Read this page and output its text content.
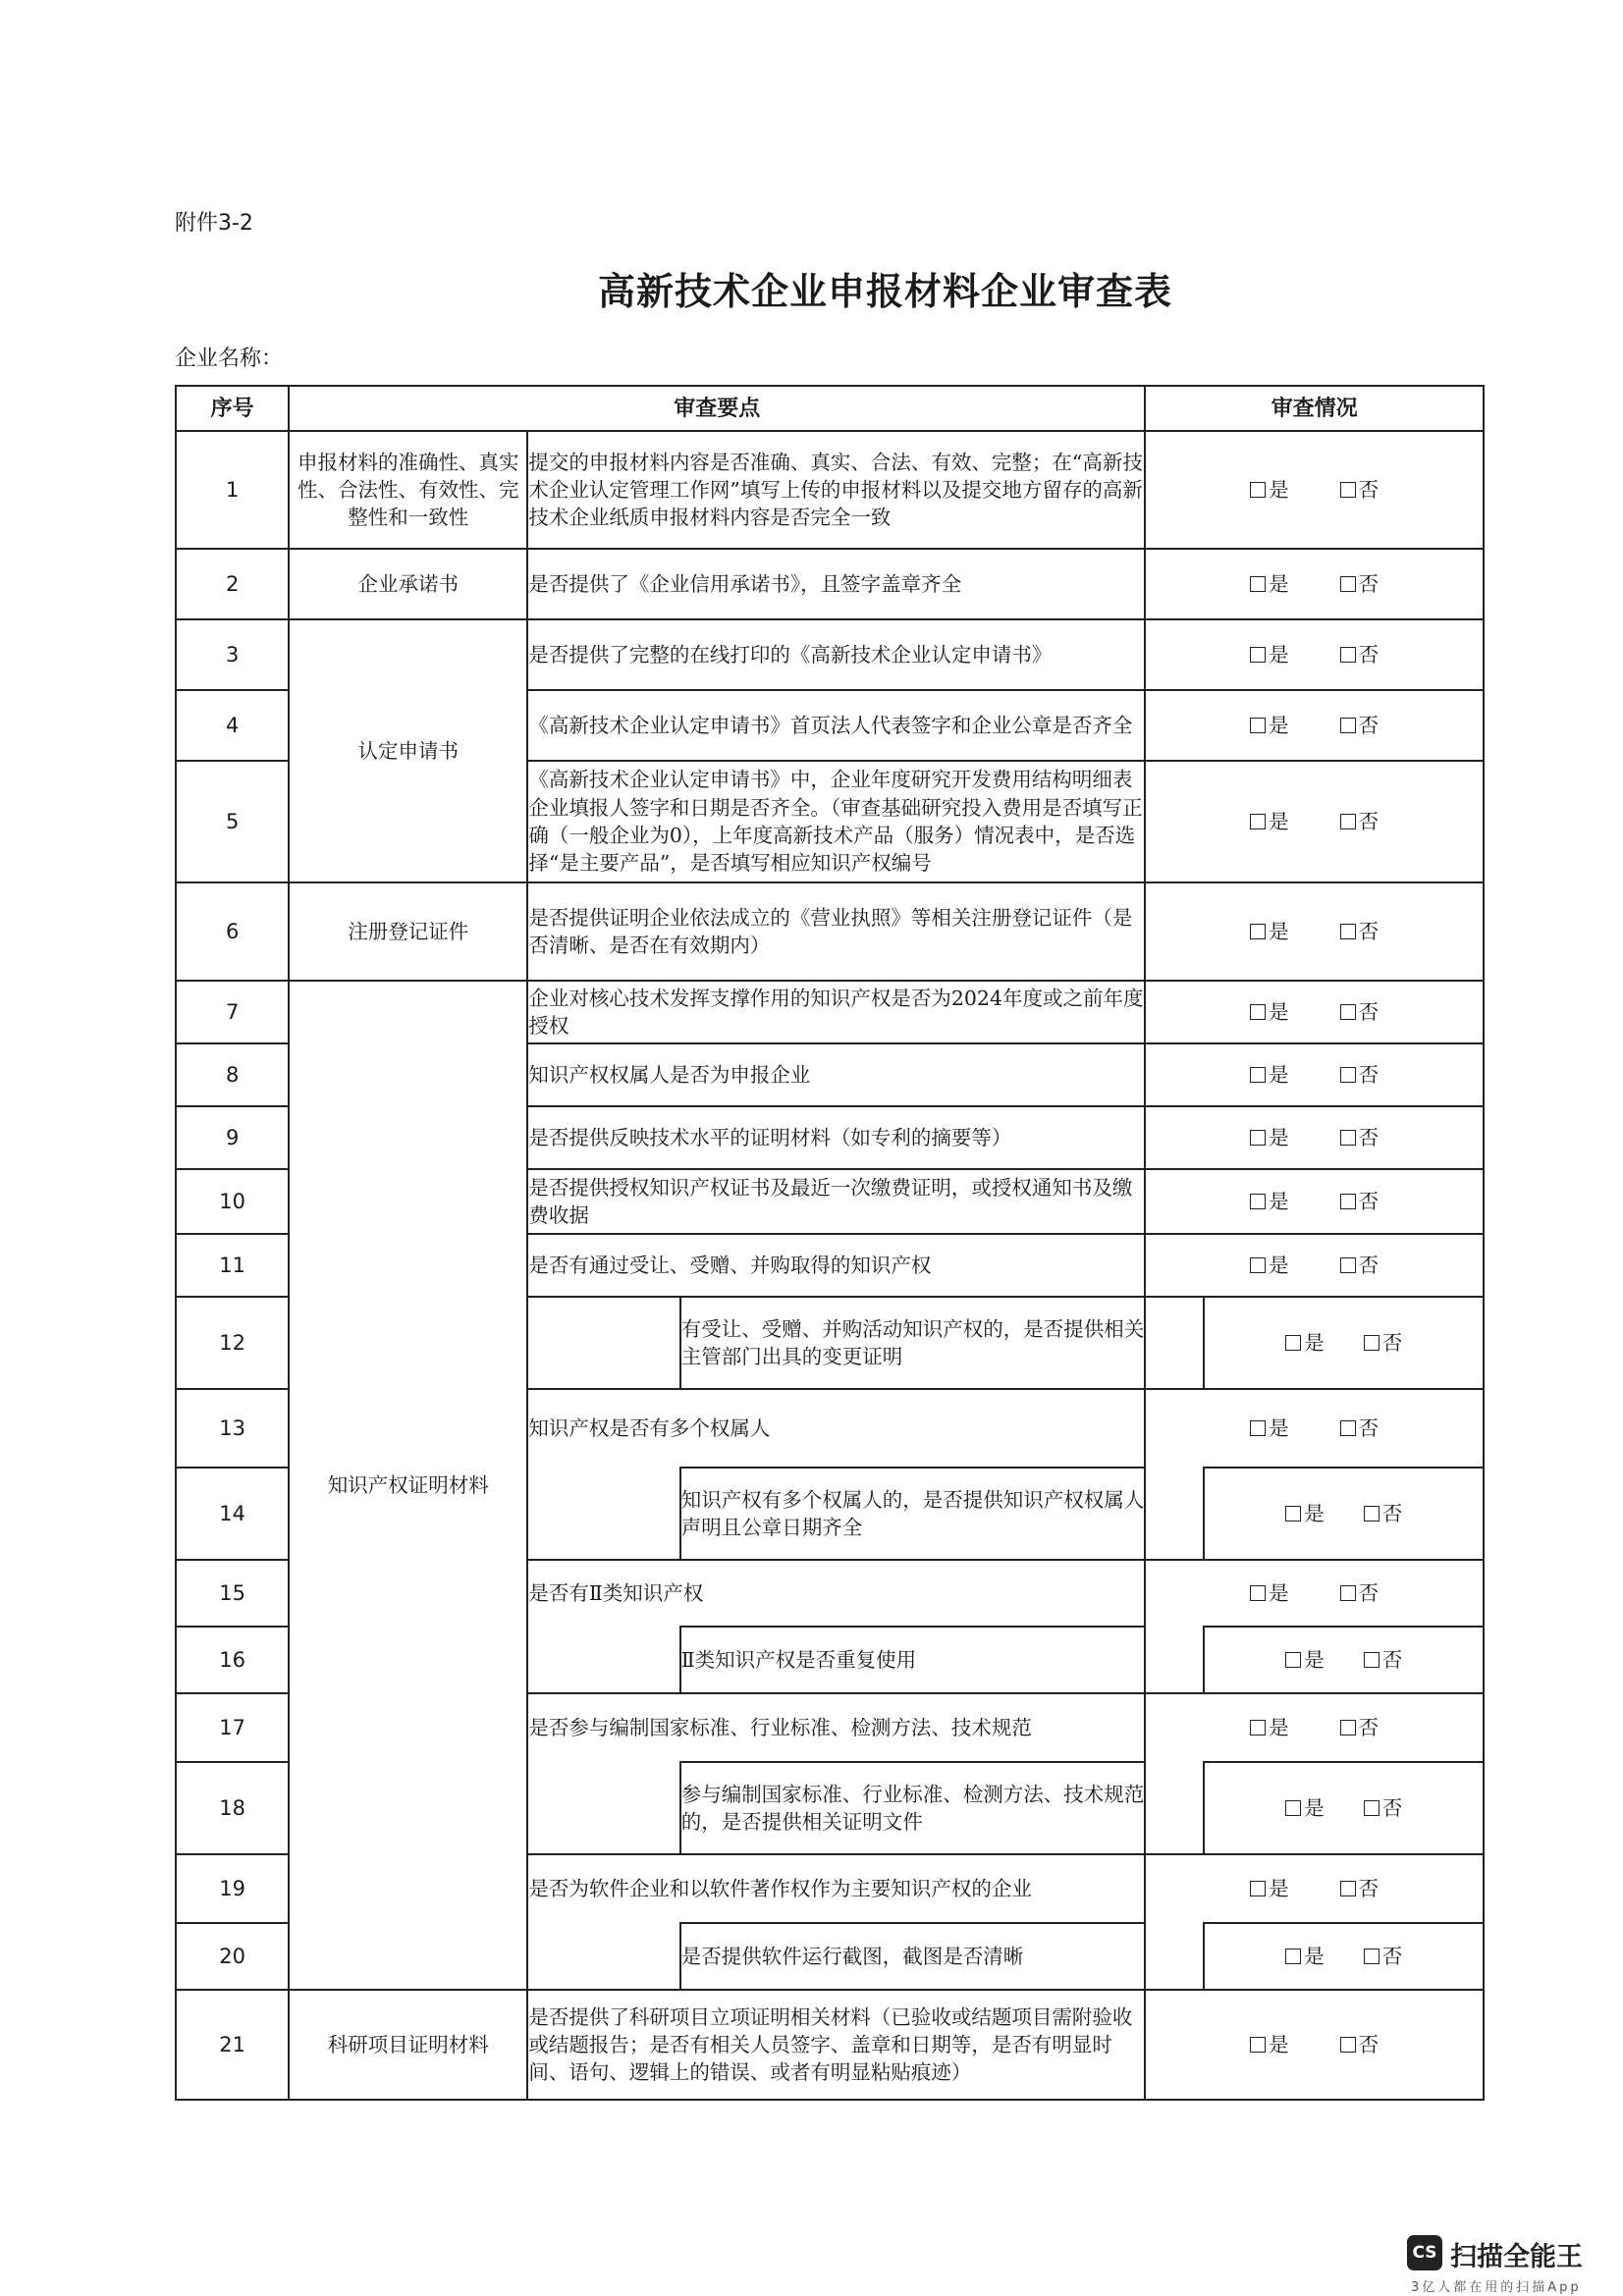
附件3-2
高新技术企业申报材料企业审查表
企业名称：
序号	审查要点			审查情况	
1	申报材料的准确性、真实性、合法性、有效性、完整性和一致性	提交的申报材料内容是否准确、真实、合法、有效、完整；在“高新技术企业认定管理工作网”填写上传的申报材料以及提交地方留存的高新技术企业纸质申报材料内容是否完全一致		是 否	
2	企业承诺书	是否提供了《企业信用承诺书》，且签字盖章齐全		是 否	
3	认定申请书	是否提供了完整的在线打印的《高新技术企业认定申请书》		是 否	
4		《高新技术企业认定申请书》首页法人代表签字和企业公章是否齐全		是 否	
5		《高新技术企业认定申请书》中，企业年度研究开发费用结构明细表企业填报人签字和日期是否齐全。（审查基础研究投入费用是否填写正确（一般企业为0），上年度高新技术产品（服务）情况表中，是否选择“是主要产品”，是否填写相应知识产权编号		是 否	
6	注册登记证件	是否提供证明企业依法成立的《营业执照》等相关注册登记证件（是否清晰、是否在有效期内）		是 否	
7	知识产权证明材料	企业对核心技术发挥支撑作用的知识产权是否为2024年度或之前年度授权		是 否	
8		知识产权权属人是否为申报企业		是 否	
9		是否提供反映技术水平的证明材料（如专利的摘要等）		是 否	
10		是否提供授权知识产权证书及最近一次缴费证明，或授权通知书及缴费收据		是 否	
11		是否有通过受让、受赠、并购取得的知识产权		是 否	
12			有受让、受赠、并购活动知识产权的，是否提供相关主管部门出具的变更证明		是 否
13		知识产权是否有多个权属人		是 否	
14			知识产权有多个权属人的，是否提供知识产权权属人声明且公章日期齐全		是 否
15		是否有Ⅱ类知识产权		是 否	
16			Ⅱ类知识产权是否重复使用		是 否
17		是否参与编制国家标准、行业标准、检测方法、技术规范		是 否	
18			参与编制国家标准、行业标准、检测方法、技术规范的，是否提供相关证明文件		是 否
19		是否为软件企业和以软件著作权作为主要知识产权的企业		是 否	
20			是否提供软件运行截图，截图是否清晰		是 否
21	科研项目证明材料	是否提供了科研项目立项证明相关材料（已验收或结题项目需附验收或结题报告；是否有相关人员签字、盖章和日期等，是否有明显时间、语句、逻辑上的错误、或者有明显粘贴痕迹）		是 否	
CS 扫描全能王
3亿人都在用的扫描App
